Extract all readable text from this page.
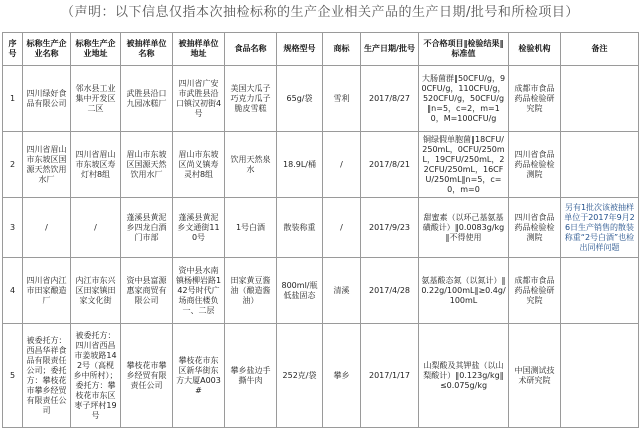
（声明：以下信息仅指本次抽检标称的生产企业相关产品的生产日期/批号和所检项目）
序号	标称生产企业名称	标称生产企业地址	被抽样单位名称	被抽样单位地址	食品名称	规格型号	商标	生产日期/批号	不合格项目‖检验结果‖标准值	检验机构	备注
1	四川绿好食品有限公司	邻水县工业集中开发区二区	武胜县沿口九园冰糕厂	四川省广安市武胜县沿口镇汉初街4号	美国大瓜子巧克力瓜子脆皮雪糕	65g/袋	雪利	2017/8/27	大肠菌群‖50CFU/g，90CFU/g，110CFU/g，520CFU/g，50CFU/g‖n=5，c=2，m=10，M=100CFU/g	成都市食品药品检验研究院	
2	四川省眉山市东坡区国源天然饮用水厂	四川省眉山市东坡区寿灯村8组	眉山市东坡区国源天然饮用水厂	眉山市东坡区尚义镇寿灵村8组	饮用天然泉水	18.9L/桶	/	2017/8/21	铜绿假单胞菌‖18CFU/250mL，0CFU/250mL，19CFU/250mL，22CFU/250mL，16CFU/250mL‖n=5，c=0，m=0	四川省食品药品检验检测院	
3	/	/	蓬溪县黄泥乡四龙白酒门市部	蓬溪县黄泥乡文通街110号	1号白酒	散装称重	/	2017/9/23	甜蜜素（以环己基氨基磺酸计）‖0.0083g/kg‖不得使用	四川省食品药品检验检测院	另有1批次该被抽样单位于2017年9月26日生产销售的散装称重“2号白酒”也检出同样问题
4	四川省内江市田家酿造厂	内江市东兴区田家镇田家文化街	资中县富源惠家商贸有限公司	资中县水南镇杨柳岩路142号时代广场商住楼负一、二层	田家黄豆酱油（酿造酱油）	800ml/瓶低盐固态	清溪	2017/4/28	氨基酸态氮（以氮计）‖0.22g/100mL‖≥0.4g/100mL	成都市食品药品检验研究院	
5	被委托方：西昌华祥食品有限责任公司；委托方：攀枝花市攀乡经贸有限责任公司	被委托方：四川省西昌市姜坡路142号（高枧乡中所村）；委托方：攀枝花市东区枣子坪村19号	攀枝花市攀乡经贸有限责任公司	攀枝花市东区新华街东方大厦A003#	攀乡盐边手撕牛肉	252克/袋	攀乡	2017/1/17	山梨酸及其钾盐（以山梨酸计）‖0.123g/kg‖≤0.075g/kg	中国测试技术研究院	
